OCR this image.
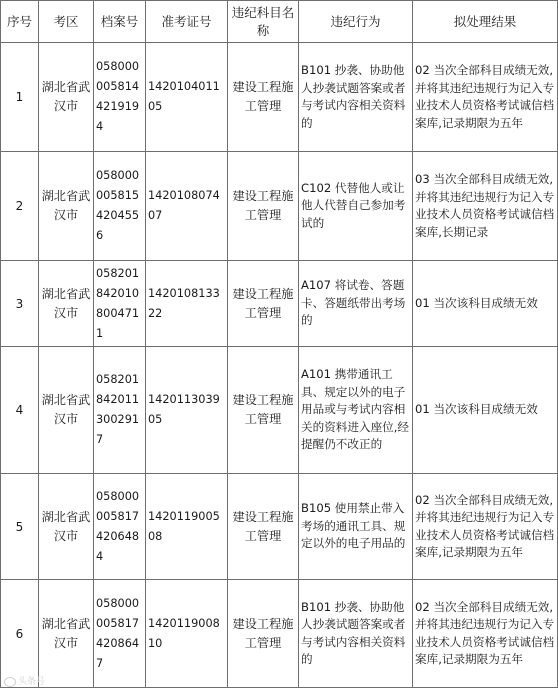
序号	考区	档案号	准考证号	违纪科目名称	违纪行为	拟处理结果
1	湖北省武汉市	0580000058144219194	142010401105	建设工程施工管理	B101 抄袭、协助他人抄袭试题答案或者与考试内容相关资料的	02 当次全部科目成绩无效,并将其违纪违规行为记入专业技术人员资格考试诚信档案库,记录期限为五年
2	湖北省武汉市	0580000058154204556	142010807407	建设工程施工管理	C102 代替他人或让他人代替自己参加考试的	03 当次全部科目成绩无效,并将其违纪违规行为记入专业技术人员资格考试诚信档案库,长期记录
3	湖北省武汉市	0582018420108004711	142010813322	建设工程施工管理	A107 将试卷、答题卡、答题纸带出考场的	01 当次该科目成绩无效
4	湖北省武汉市	0582018420113002917	142011303905	建设工程施工管理	A101 携带通讯工具、规定以外的电子用品或与考试内容相关的资料进入座位,经提醒仍不改正的	01 当次该科目成绩无效
5	湖北省武汉市	0580000058174206484	142011900508	建设工程施工管理	B105 使用禁止带入考场的通讯工具、规定以外的电子用品的	02 当次全部科目成绩无效,并将其违纪违规行为记入专业技术人员资格考试诚信档案库,记录期限为五年
6	湖北省武汉市	0580000058174208647	142011900810	建设工程施工管理	B101 抄袭、协助他人抄袭试题答案或者与考试内容相关资料的	02 当次全部科目成绩无效,并将其违纪违规行为记入专业技术人员资格考试诚信档案库,记录期限为五年
头条号
